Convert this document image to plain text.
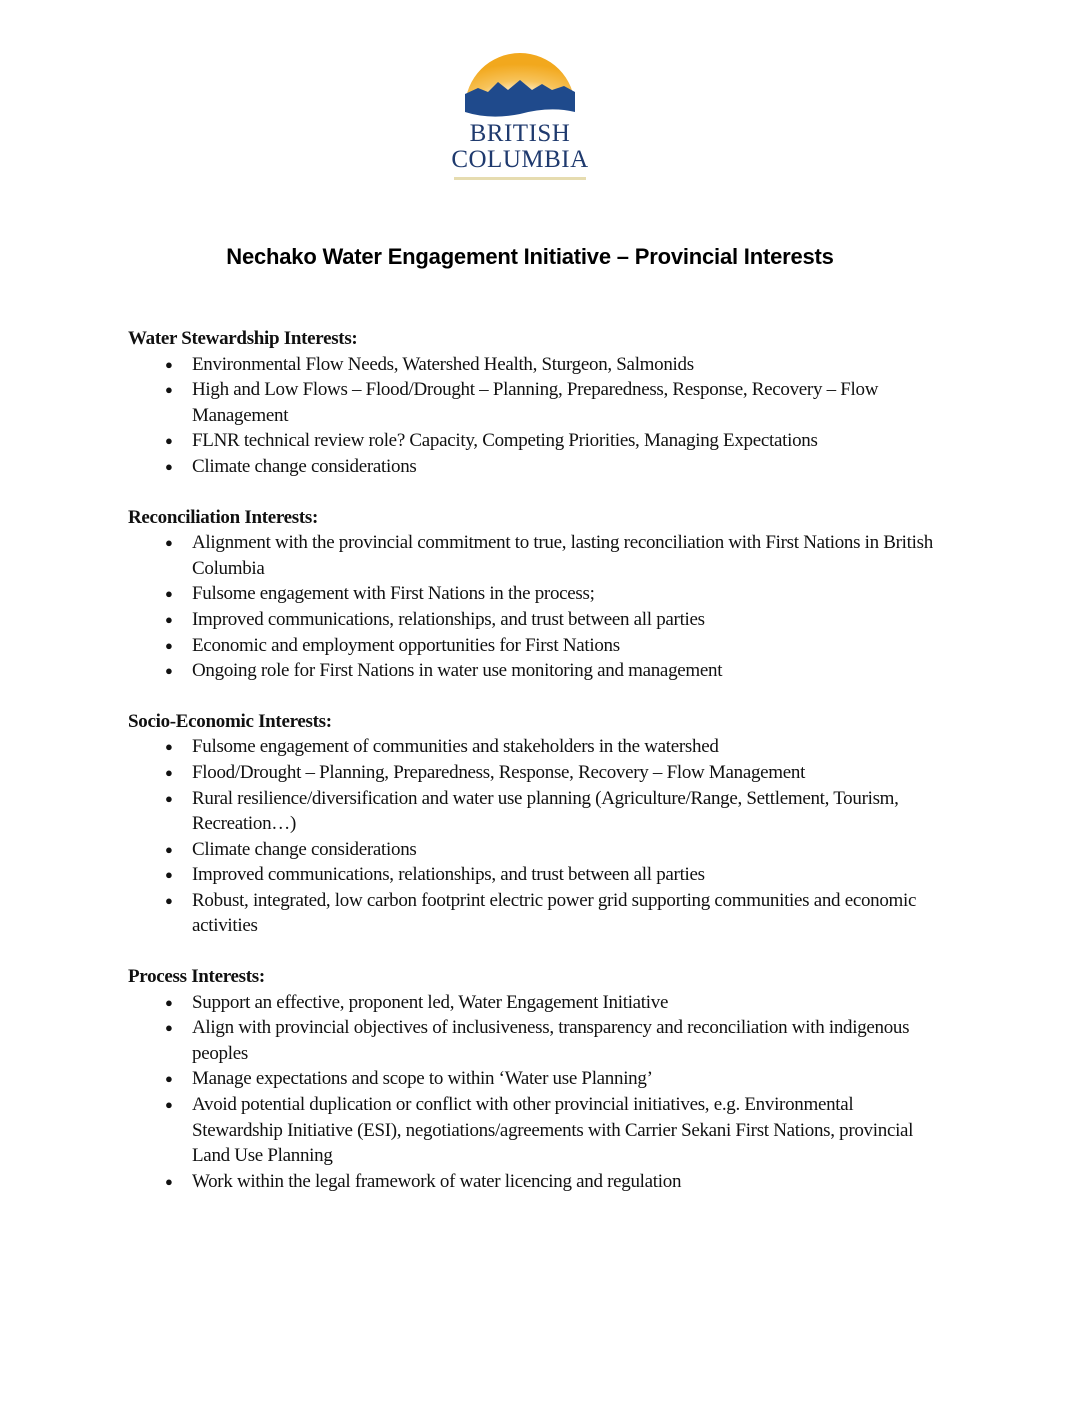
BRITISH
COLUMBIA
Nechako Water Engagement Initiative – Provincial Interests
Water Stewardship Interests:
● Environmental Flow Needs, Watershed Health, Sturgeon, Salmonids
● High and Low Flows – Flood/Drought – Planning, Preparedness, Response, Recovery – Flow Management
● FLNR technical review role? Capacity, Competing Priorities, Managing Expectations
● Climate change considerations
Reconciliation Interests:
● Alignment with the provincial commitment to true, lasting reconciliation with First Nations in British Columbia
● Fulsome engagement with First Nations in the process;
● Improved communications, relationships, and trust between all parties
● Economic and employment opportunities for First Nations
● Ongoing role for First Nations in water use monitoring and management
Socio-Economic Interests:
● Fulsome engagement of communities and stakeholders in the watershed
● Flood/Drought – Planning, Preparedness, Response, Recovery – Flow Management
● Rural resilience/diversification and water use planning (Agriculture/Range, Settlement, Tourism, Recreation…)
● Climate change considerations
● Improved communications, relationships, and trust between all parties
● Robust, integrated, low carbon footprint electric power grid supporting communities and economic activities
Process Interests:
● Support an effective, proponent led, Water Engagement Initiative
● Align with provincial objectives of inclusiveness, transparency and reconciliation with indigenous peoples
● Manage expectations and scope to within ‘Water use Planning’
● Avoid potential duplication or conflict with other provincial initiatives, e.g. Environmental Stewardship Initiative (ESI), negotiations/agreements with Carrier Sekani First Nations, provincial Land Use Planning
● Work within the legal framework of water licencing and regulation
